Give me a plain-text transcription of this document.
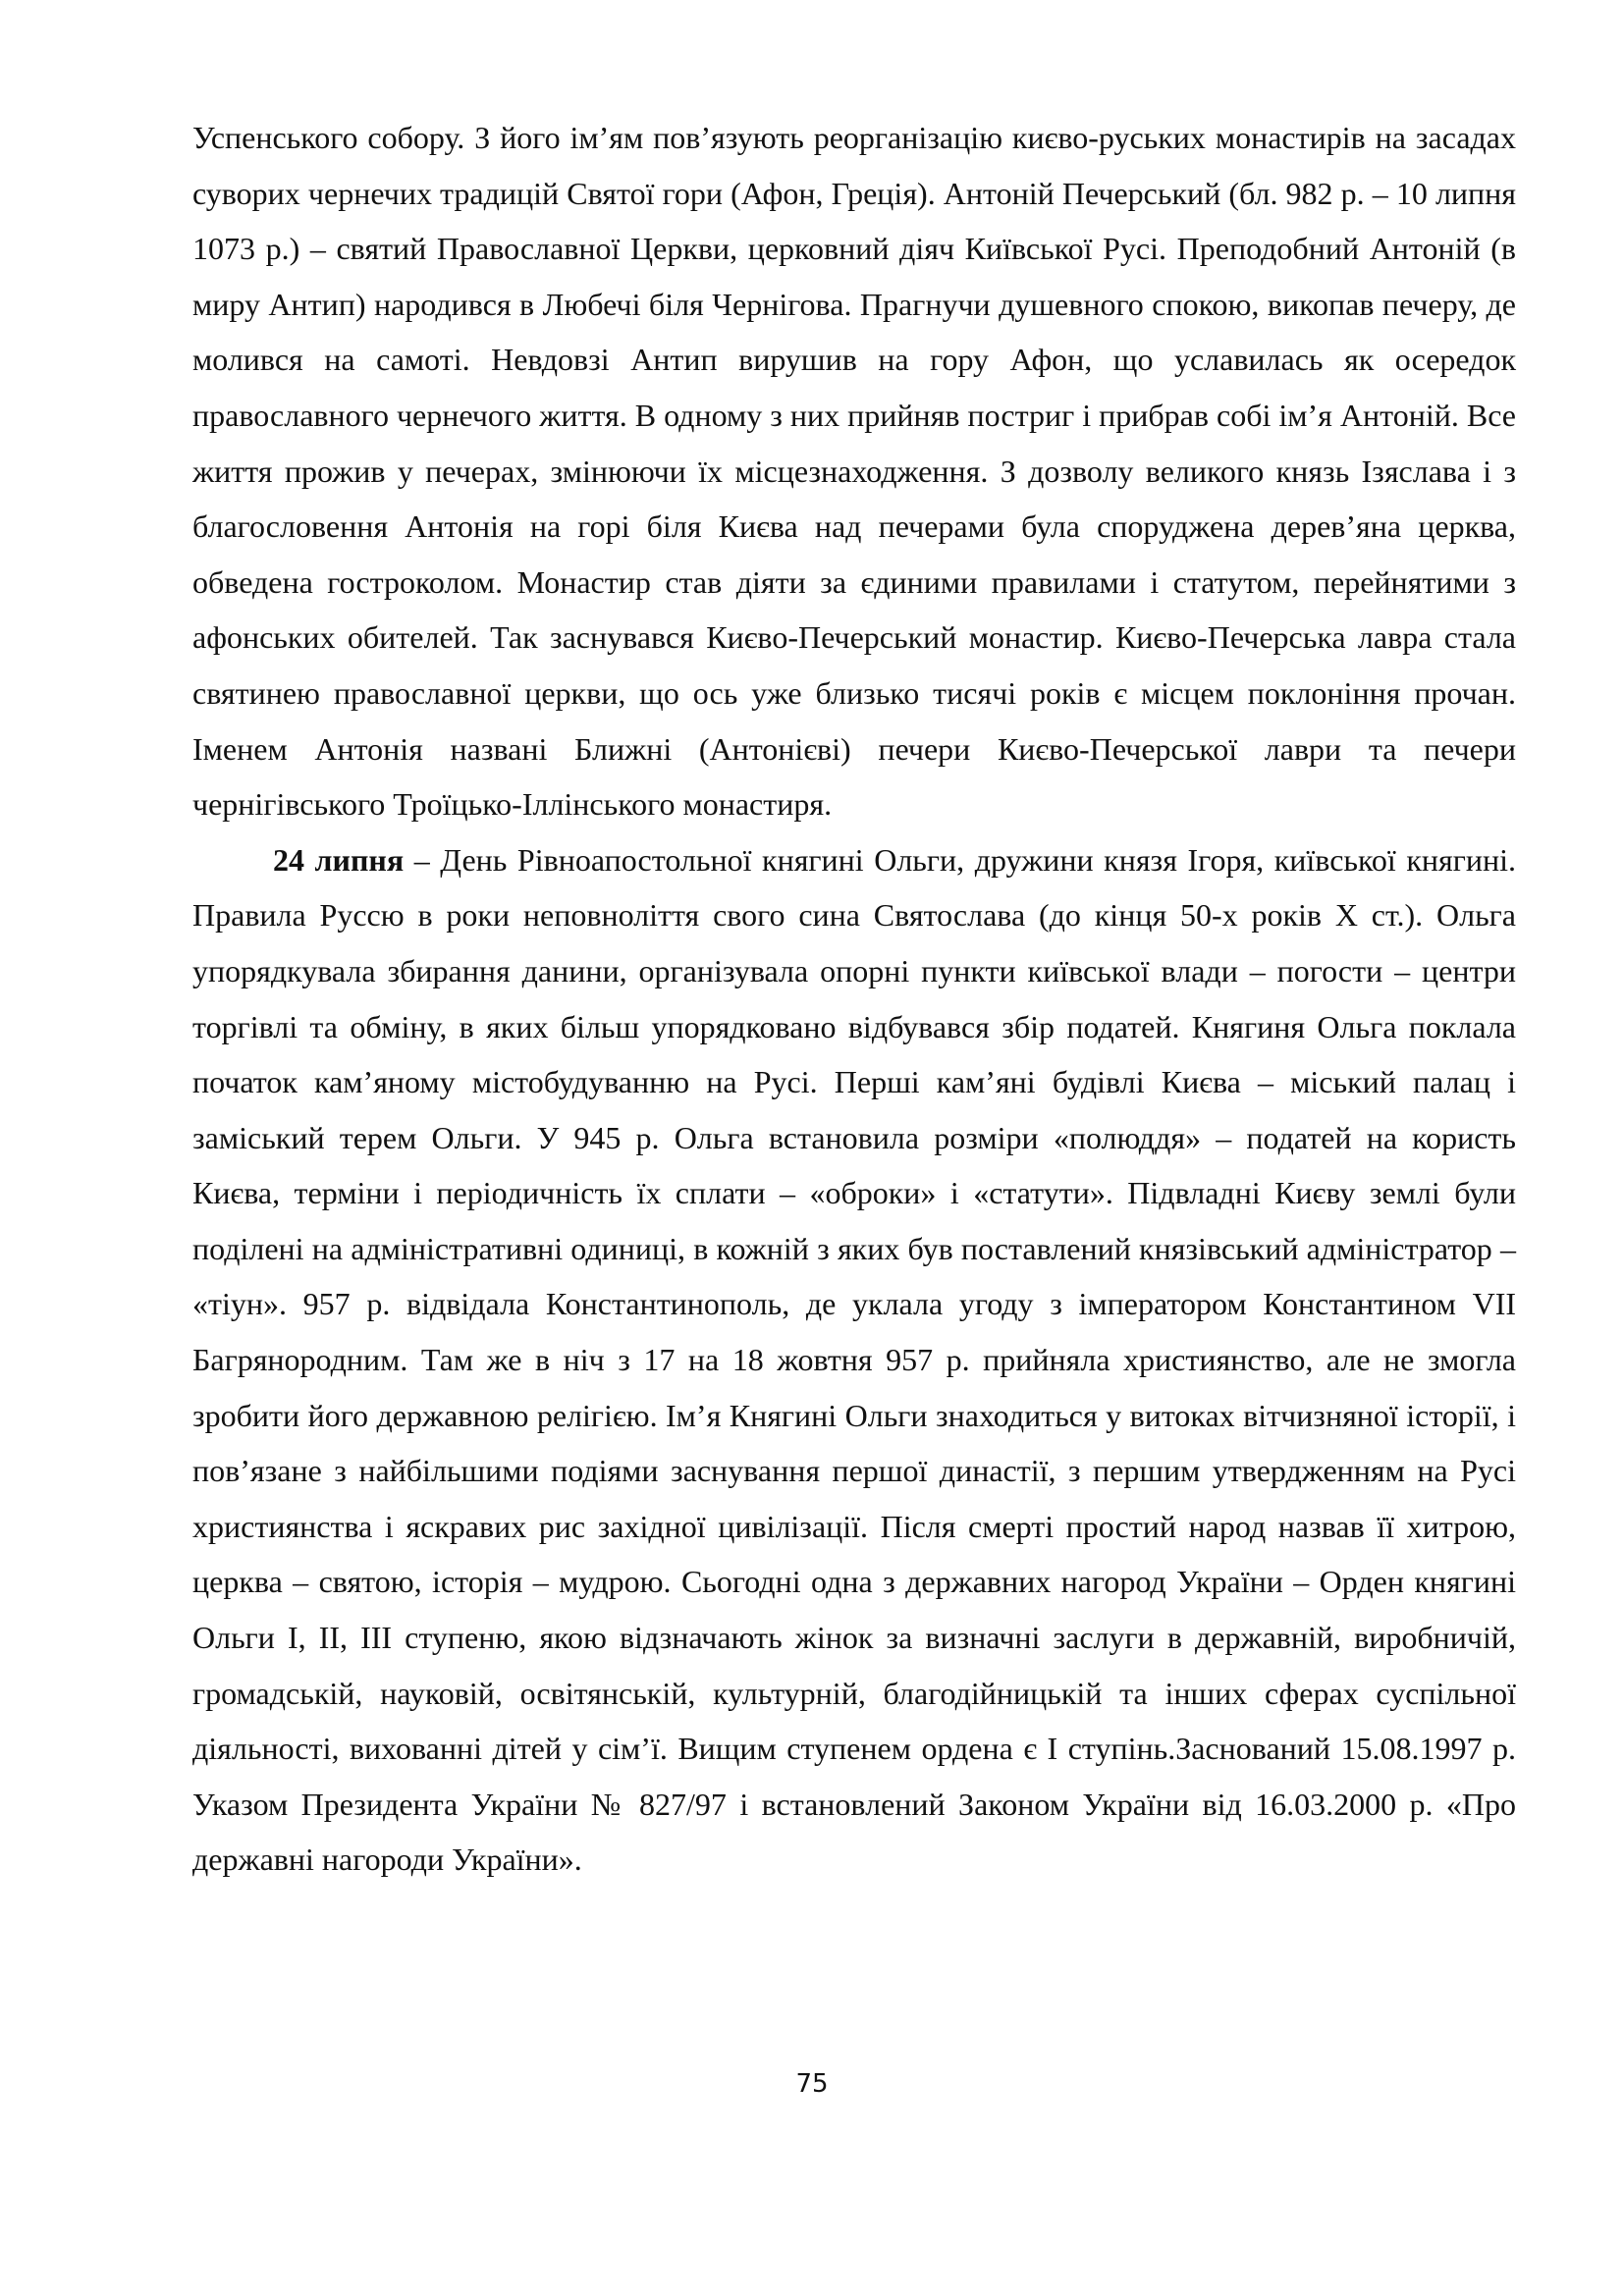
Успенського собору. З його ім’ям пов’язують реорганізацію києво-руських монастирів на засадах суворих чернечих традицій Святої гори (Афон, Греція). Антоній Печерський (бл. 982 р. – 10 липня 1073 р.) – святий Православної Церкви, церковний діяч Київської Русі. Преподобний Антоній (в миру Антип) народився в Любечі біля Чернігова. Прагнучи душевного спокою, викопав печеру, де молився на самоті. Невдовзі Антип вирушив на гору Афон, що уславилась як осередок православного чернечого життя. В одному з них прийняв постриг і прибрав собі ім’я Антоній. Все життя прожив у печерах, змінюючи їх місцезнаходження. З дозволу великого князь Ізяслава і з благословення Антонія на горі біля Києва над печерами була споруджена дерев’яна церква, обведена гостроколом. Монастир став діяти за єдиними правилами і статутом, перейнятими з афонських обителей. Так заснувався Києво-Печерський монастир. Києво-Печерська лавра стала святинею православної церкви, що ось уже близько тисячі років є місцем поклоніння прочан. Іменем Антонія названі Ближні (Антонієві) печери Києво-Печерської лаври та печери чернігівського Троїцько-Іллінського монастиря.

24 липня – День Рівноапостольної княгині Ольги, дружини князя Ігоря, київської княгині. Правила Руссю в роки неповноліття свого сина Святослава (до кінця 50-х років Х ст.). Ольга упорядкувала збирання данини, організувала опорні пункти київської влади – погости – центри торгівлі та обміну, в яких більш упорядковано відбувався збір податей. Княгиня Ольга поклала початок кам’яному містобудуванню на Русі. Перші кам’яні будівлі Києва – міський палац і заміський терем Ольги. У 945 р. Ольга встановила розміри «полюддя» – податей на користь Києва, терміни і періодичність їх сплати – «оброки» і «статути». Підвладні Києву землі були поділені на адміністративні одиниці, в кожній з яких був поставлений князівський адміністратор – «тіун». 957 р. відвідала Константинополь, де уклала угоду з імператором Константином VII Багрянородним. Там же в ніч з 17 на 18 жовтня 957 р. прийняла християнство, але не змогла зробити його державною релігією. Ім’я Княгині Ольги знаходиться у витоках вітчизняної історії, і пов’язане з найбільшими подіями заснування першої династії, з першим утвердженням на Русі християнства і яскравих рис західної цивілізації. Після смерті простий народ назвав її хитрою, церква – святою, історія – мудрою. Сьогодні одна з державних нагород України – Орден княгині Ольги І, ІІ, ІІІ ступеню, якою відзначають жінок за визначні заслуги в державній, виробничій, громадській, науковій, освітянській, культурній, благодійницькій та інших сферах суспільної діяльності, вихованні дітей у сім’ї. Вищим ступенем ордена є І ступінь.Заснований 15.08.1997 р. Указом Президента України № 827/97 і встановлений Законом України від 16.03.2000 р. «Про державні нагороди України».

75
